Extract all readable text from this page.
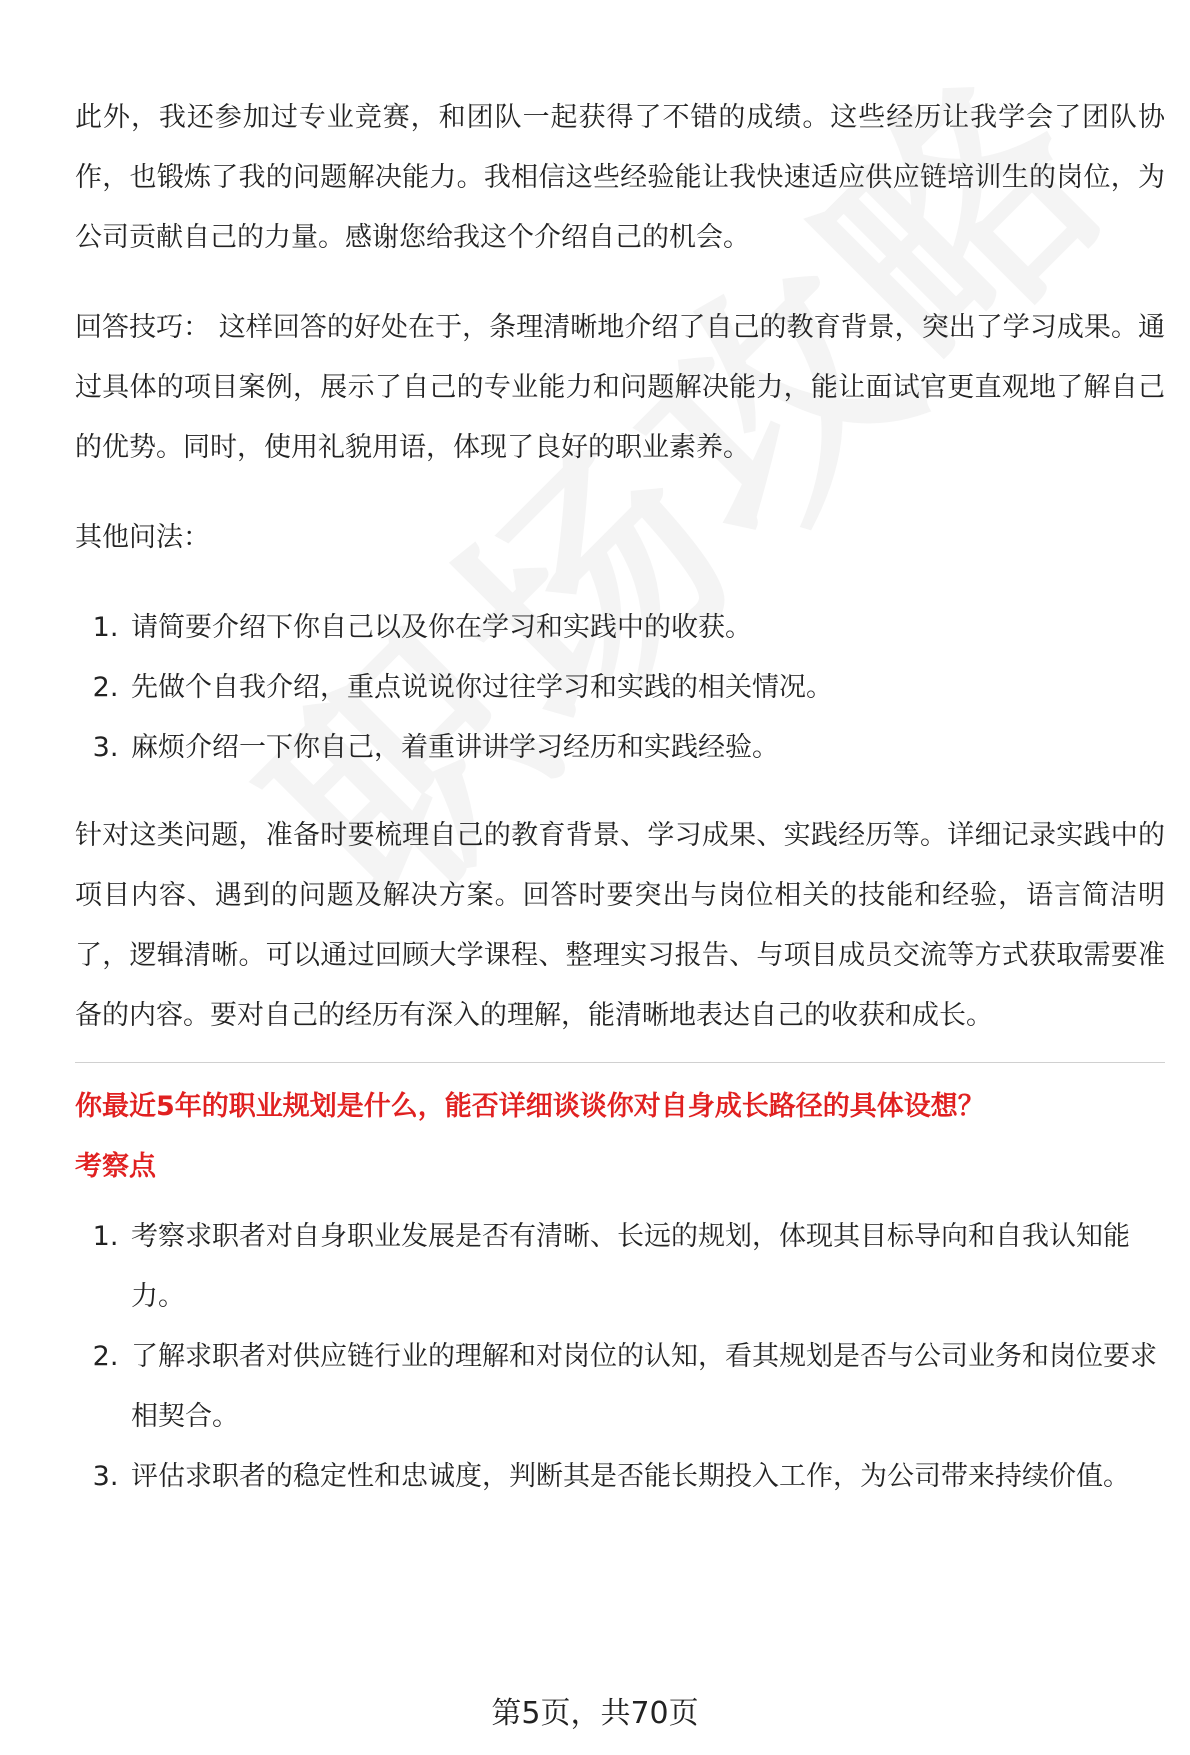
此外，我还参加过专业竞赛，和团队一起获得了不错的成绩。这些经历让我学会了团队协作，也锻炼了我的问题解决能力。我相信这些经验能让我快速适应供应链培训生的岗位，为公司贡献自己的力量。感谢您给我这个介绍自己的机会。

回答技巧： 这样回答的好处在于，条理清晰地介绍了自己的教育背景，突出了学习成果。通过具体的项目案例，展示了自己的专业能力和问题解决能力，能让面试官更直观地了解自己的优势。同时，使用礼貌用语，体现了良好的职业素养。

其他问法：

1. 请简要介绍下你自己以及你在学习和实践中的收获。
2. 先做个自我介绍，重点说说你过往学习和实践的相关情况。
3. 麻烦介绍一下你自己，着重讲讲学习经历和实践经验。

针对这类问题，准备时要梳理自己的教育背景、学习成果、实践经历等。详细记录实践中的项目内容、遇到的问题及解决方案。回答时要突出与岗位相关的技能和经验，语言简洁明了，逻辑清晰。可以通过回顾大学课程、整理实习报告、与项目成员交流等方式获取需要准备的内容。要对自己的经历有深入的理解，能清晰地表达自己的收获和成长。

你最近5年的职业规划是什么，能否详细谈谈你对自身成长路径的具体设想？

考察点

1. 考察求职者对自身职业发展是否有清晰、长远的规划，体现其目标导向和自我认知能力。
2. 了解求职者对供应链行业的理解和对岗位的认知，看其规划是否与公司业务和岗位要求相契合。
3. 评估求职者的稳定性和忠诚度，判断其是否能长期投入工作，为公司带来持续价值。
第5页，共70页
